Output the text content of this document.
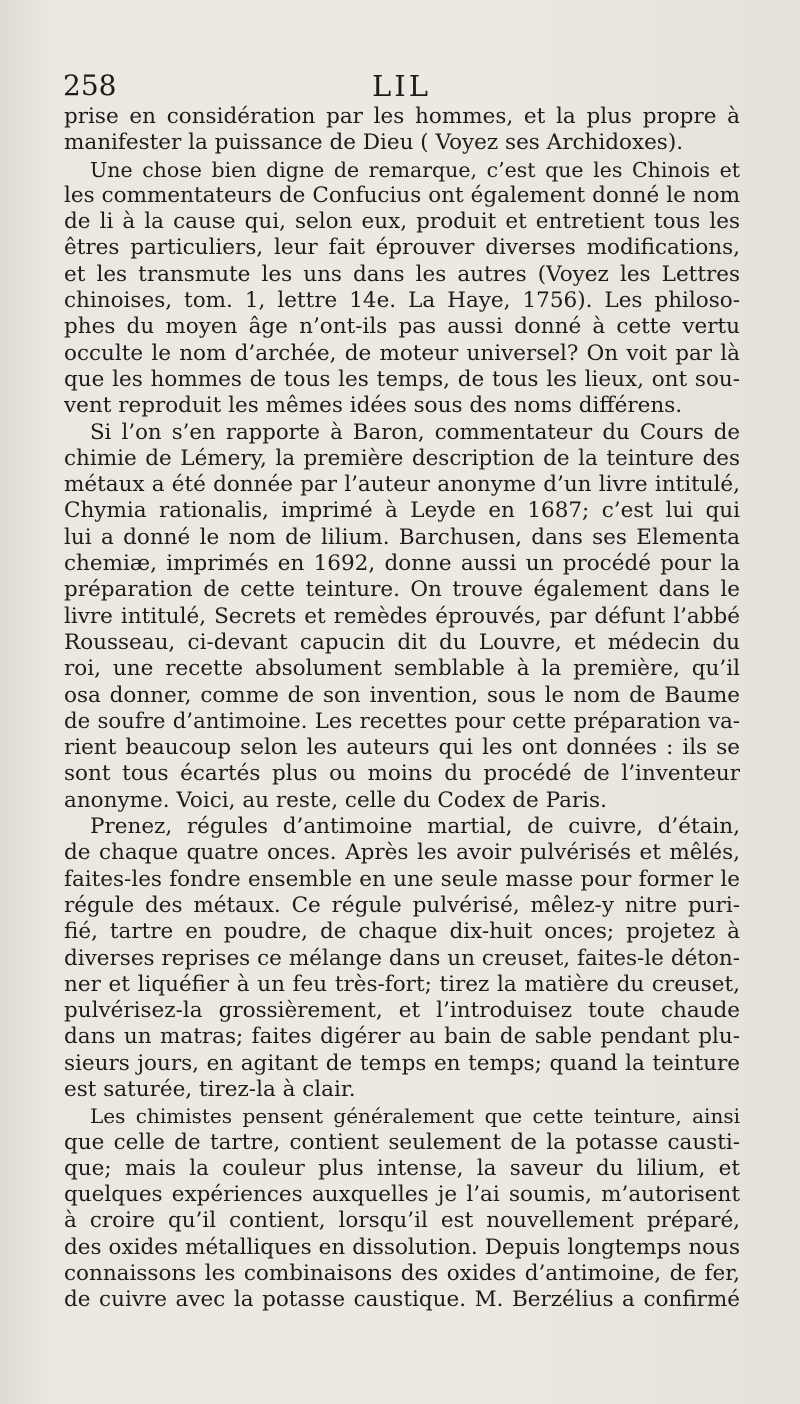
258	LIL
prise en considération par les hommes, et la plus propre à
manifester la puissance de Dieu ( Voyez ses Archidoxes).
Une chose bien digne de remarque, c’est que les Chinois et
les commentateurs de Confucius ont également donné le nom
de li à la cause qui, selon eux, produit et entretient tous les
êtres particuliers, leur fait éprouver diverses modifications,
et les transmute les uns dans les autres (Voyez les Lettres
chinoises, tom. 1, lettre 14e. La Haye, 1756). Les philoso-
phes du moyen âge n’ont-ils pas aussi donné à cette vertu
occulte le nom d’archée, de moteur universel? On voit par là
que les hommes de tous les temps, de tous les lieux, ont sou-
vent reproduit les mêmes idées sous des noms différens.
Si l’on s’en rapporte à Baron, commentateur du Cours de
chimie de Lémery, la première description de la teinture des
métaux a été donnée par l’auteur anonyme d’un livre intitulé,
Chymia rationalis, imprimé à Leyde en 1687; c’est lui qui
lui a donné le nom de lilium. Barchusen, dans ses Elementa
chemiæ, imprimés en 1692, donne aussi un procédé pour la
préparation de cette teinture. On trouve également dans le
livre intitulé, Secrets et remèdes éprouvés, par défunt l’abbé
Rousseau, ci-devant capucin dit du Louvre, et médecin du
roi, une recette absolument semblable à la première, qu’il
osa donner, comme de son invention, sous le nom de Baume
de soufre d’antimoine. Les recettes pour cette préparation va-
rient beaucoup selon les auteurs qui les ont données : ils se
sont tous écartés plus ou moins du procédé de l’inventeur
anonyme. Voici, au reste, celle du Codex de Paris.
Prenez, régules d’antimoine martial, de cuivre, d’étain,
de chaque quatre onces. Après les avoir pulvérisés et mêlés,
faites-les fondre ensemble en une seule masse pour former le
régule des métaux. Ce régule pulvérisé, mêlez-y nitre puri-
fié, tartre en poudre, de chaque dix-huit onces; projetez à
diverses reprises ce mélange dans un creuset, faites-le déton-
ner et liquéfier à un feu très-fort; tirez la matière du creuset,
pulvérisez-la grossièrement, et l’introduisez toute chaude
dans un matras; faites digérer au bain de sable pendant plu-
sieurs jours, en agitant de temps en temps; quand la teinture
est saturée, tirez-la à clair.
Les chimistes pensent généralement que cette teinture, ainsi
que celle de tartre, contient seulement de la potasse causti-
que; mais la couleur plus intense, la saveur du lilium, et
quelques expériences auxquelles je l’ai soumis, m’autorisent
à croire qu’il contient, lorsqu’il est nouvellement préparé,
des oxides métalliques en dissolution. Depuis longtemps nous
connaissons les combinaisons des oxides d’antimoine, de fer,
de cuivre avec la potasse caustique. M. Berzélius a confirmé
